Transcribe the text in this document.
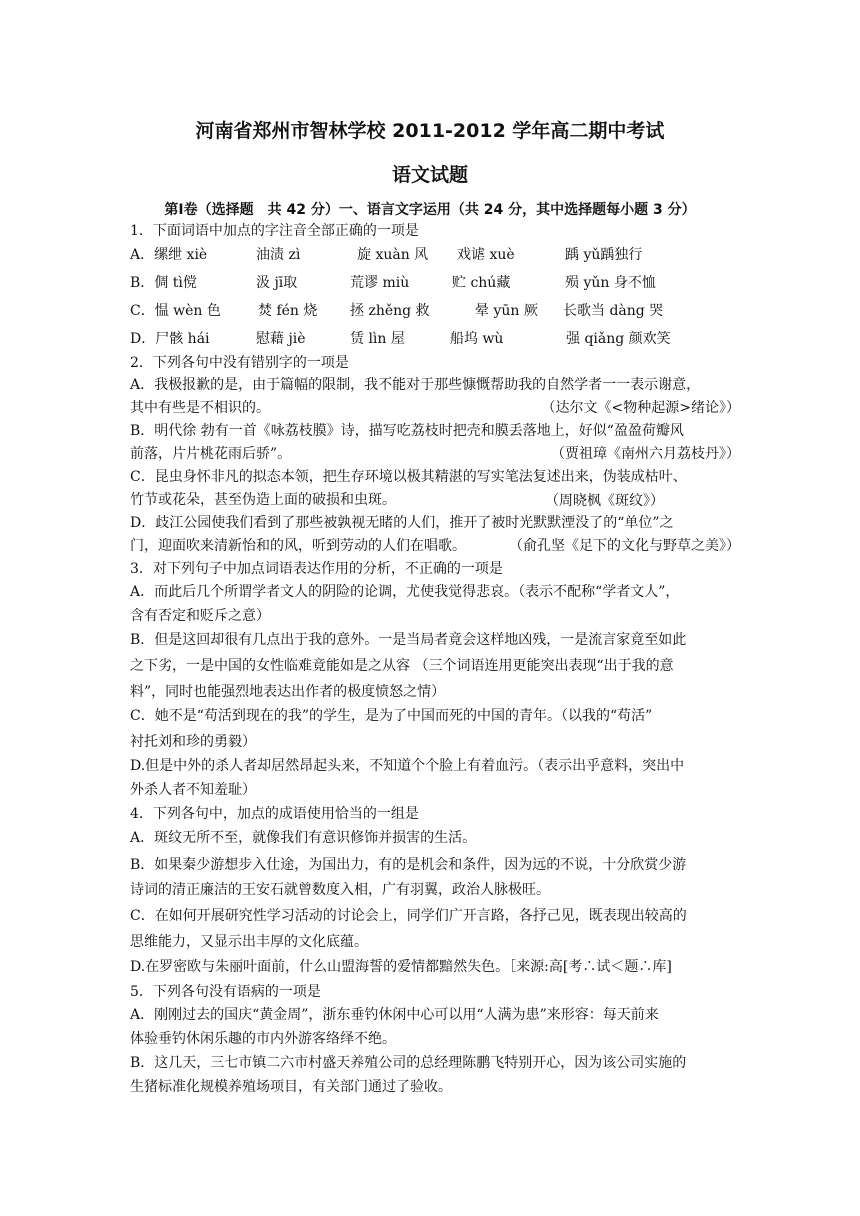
河南省郑州市智林学校 2011-2012 学年高二期中考试
语文试题
第Ⅰ卷（选择题　共 42 分）一、语言文字运用（共 24 分，其中选择题每小题 3 分）
1．下面词语中加点的字注音全部正确的一项是
A．缧绁 xiè	油渍 zì	旋 xuàn 风 戏谑 xuè	踽 yǔ踽独行
B．倜 tì傥	汲 jī取	荒谬 miù	贮 chú藏	殒 yǔn 身不恤
C．愠 wèn 色	焚 fén 烧 拯 zhěng 救	晕 yūn 厥 长歌当 dàng 哭
D．尸骸 hái	慰藉 jiè	赁 lìn 屋	船坞 wù	强 qiǎng 颜欢笑
2．下列各句中没有错别字的一项是
A．我极报歉的是，由于篇幅的限制，我不能对于那些慷慨帮助我的自然学者一一表示谢意，
其中有些是不相识的。	（达尔文《<物种起源>绪论》）
B．明代徐 勃有一首《咏荔枝膜》诗，描写吃荔枝时把壳和膜丢落地上，好似“盈盈荷瓣风
前落，片片桃花雨后骄”。	（贾祖璋《南州六月荔枝丹》）
C．昆虫身怀非凡的拟态本领，把生存环境以极其精湛的写实笔法复述出来，伪装成枯叶、
竹节或花朵，甚至伪造上面的破损和虫斑。	（周晓枫《斑纹》）
D．歧江公园使我们看到了那些被孰视无睹的人们，推开了被时光默默湮没了的“单位”之
门，迎面吹来清新怡和的风，听到劳动的人们在唱歌。	（俞孔坚《足下的文化与野草之美》）
3．对下列句子中加点词语表达作用的分析，不正确的一项是
A．而此后几个所谓学者文人的阴险的论调，尤使我觉得悲哀。（表示不配称“学者文人”，
含有否定和贬斥之意）
B．但是这回却很有几点出于我的意外。一是当局者竟会这样地凶残，一是流言家竟至如此
之下劣，一是中国的女性临难竟能如是之从容 （三个词语连用更能突出表现“出于我的意
料”，同时也能强烈地表达出作者的极度愤怒之情）
C．她不是“苟活到现在的我”的学生，是为了中国而死的中国的青年。（以我的“苟活”
衬托刘和珍的勇毅）
D.但是中外的杀人者却居然昂起头来，不知道个个脸上有着血污。（表示出乎意料，突出中
外杀人者不知羞耻）
4．下列各句中，加点的成语使用恰当的一组是
A．斑纹无所不至，就像我们有意识修饰并损害的生活。
B．如果秦少游想步入仕途，为国出力，有的是机会和条件，因为远的不说，十分欣赏少游
诗词的清正廉洁的王安石就曾数度入相，广有羽翼，政治人脉极旺。
C．在如何开展研究性学习活动的讨论会上，同学们广开言路，各抒己见，既表现出较高的
思维能力，又显示出丰厚的文化底蕴。
D.在罗密欧与朱丽叶面前，什么山盟海誓的爱情都黯然失色。［来源:高[考∴试＜题∴库]
5．下列各句没有语病的一项是
A．刚刚过去的国庆“黄金周”，浙东垂钓休闲中心可以用“人满为患”来形容：每天前来
体验垂钓休闲乐趣的市内外游客络绎不绝。
B．这几天，三七市镇二六市村盛天养殖公司的总经理陈鹏飞特别开心，因为该公司实施的
生猪标准化规模养殖场项目，有关部门通过了验收。
